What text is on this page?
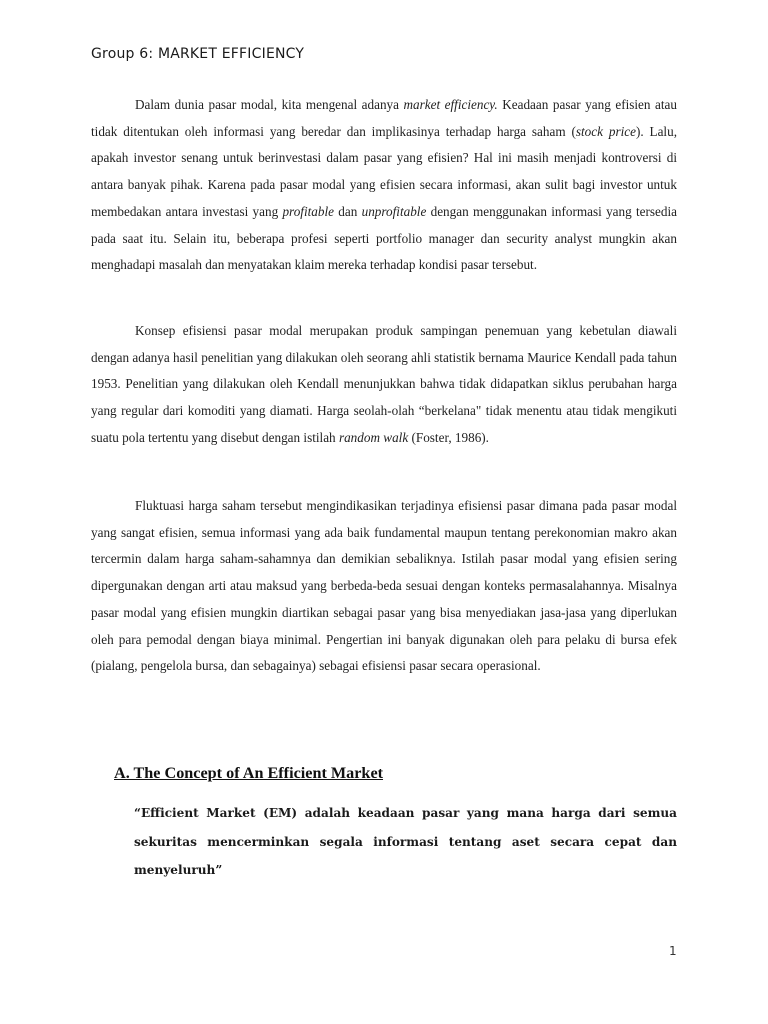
Group 6: MARKET EFFICIENCY

Dalam dunia pasar modal, kita mengenal adanya market efficiency. Keadaan pasar yang efisien atau tidak ditentukan oleh informasi yang beredar dan implikasinya terhadap harga saham (stock price). Lalu, apakah investor senang untuk berinvestasi dalam pasar yang efisien? Hal ini masih menjadi kontroversi di antara banyak pihak. Karena pada pasar modal yang efisien secara informasi, akan sulit bagi investor untuk membedakan antara investasi yang profitable dan unprofitable dengan menggunakan informasi yang tersedia pada saat itu. Selain itu, beberapa profesi seperti portfolio manager dan security analyst mungkin akan menghadapi masalah dan menyatakan klaim mereka terhadap kondisi pasar tersebut.

Konsep efisiensi pasar modal merupakan produk sampingan penemuan yang kebetulan diawali dengan adanya hasil penelitian yang dilakukan oleh seorang ahli statistik bernama Maurice Kendall pada tahun 1953. Penelitian yang dilakukan oleh Kendall menunjukkan bahwa tidak didapatkan siklus perubahan harga yang regular dari komoditi yang diamati. Harga seolah-olah “berkelana" tidak menentu atau tidak mengikuti suatu pola tertentu yang disebut dengan istilah random walk (Foster, 1986).

Fluktuasi harga saham tersebut mengindikasikan terjadinya efisiensi pasar dimana pada pasar modal yang sangat efisien, semua informasi yang ada baik fundamental maupun tentang perekonomian makro akan tercermin dalam harga saham-sahamnya dan demikian sebaliknya. Istilah pasar modal yang efisien sering dipergunakan dengan arti atau maksud yang berbeda-beda sesuai dengan konteks permasalahannya. Misalnya pasar modal yang efisien mungkin diartikan sebagai pasar yang bisa menyediakan jasa-jasa yang diperlukan oleh para pemodal dengan biaya minimal. Pengertian ini banyak digunakan oleh para pelaku di bursa efek (pialang, pengelola bursa, dan sebagainya) sebagai efisiensi pasar secara operasional.

A. The Concept of An Efficient Market

“Efficient Market (EM) adalah keadaan pasar yang mana harga dari semua sekuritas mencerminkan segala informasi tentang aset secara cepat dan menyeluruh”

1
